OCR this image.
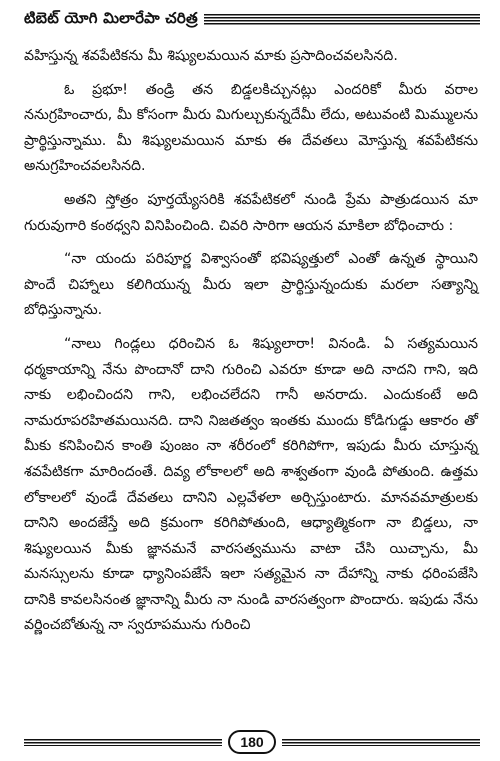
టిబెట్ యోగి మిలారేపా చరిత్ర

వహిస్తున్న శవపేటికను మీ శిష్యులమయిన మాకు ప్రసాదించవలసినది.

ఓ ప్రభూ! తండ్రి తన బిడ్డలకిచ్చునట్లు ఎందరికో మీరు వరాల ననుగ్రహించారు, మీ కోసంగా మీరు మిగుల్చుకున్నదేమీ లేదు, అటువంటి మిమ్ములను ప్రార్థిస్తున్నాము. మీ శిష్యులమయిన మాకు ఈ దేవతలు మోస్తున్న శవపేటికను అనుగ్రహించవలసినది.

అతని స్తోత్రం పూర్తయ్యేసరికి శవపేటికలో నుండి ప్రేమ పాత్రుడయిన మా గురువుగారి కంఠధ్వని వినిపించింది. చివరి సారిగా ఆయన మాకిలా బోధించారు :

“నా యందు పరిపూర్ణ విశ్వాసంతో భవిష్యత్తులో ఎంతో ఉన్నత స్థాయిని పొందే చిహ్నాలు కలిగియున్న మీరు ఇలా ప్రార్థిస్తున్నందుకు మరలా సత్యాన్ని బోధిస్తున్నాను.

“నాలు గిండ్లలు ధరించిన ఓ శిష్యులారా! వినండి. ఏ సత్యమయిన ధర్మకాయాన్ని నేను పొందానో దాని గురించి ఎవరూ కూడా అది నాదని గాని, ఇది నాకు లభించిందని గాని, లభించలేదని గానీ అనరాదు. ఎందుకంటే అది నామరూపరహితమయినది. దాని నిజతత్వం ఇంతకు ముందు కోడిగుడ్డు ఆకారం తో మీకు కనిపించిన కాంతి పుంజం నా శరీరంలో కరిగిపోగా, ఇపుడు మీరు చూస్తున్న శవపేటికగా మారిందంతే. దివ్య లోకాలలో అది శాశ్వతంగా వుండి పోతుంది. ఉత్తమ లోకాలలో వుండే దేవతలు దానిని ఎల్లవేళలా అర్చిస్తుంటారు. మానవమాత్రులకు దానిని అందజేస్తే అది క్రమంగా కరిగిపోతుంది, ఆధ్యాత్మికంగా నా బిడ్డలు, నా శిష్యులయిన మీకు జ్ఞానమనే వారసత్వమును వాటా చేసి యిచ్చాను, మీ మనస్సులను కూడా ధ్యానింపజేసే ఇలా సత్యమైన నా దేహాన్ని నాకు ధరింపజేసి దానికి కావలసినంత జ్ఞానాన్ని మీరు నా నుండి వారసత్వంగా పొందారు. ఇపుడు నేను వర్ణించబోతున్న నా స్వరూపమును గురించి

180
